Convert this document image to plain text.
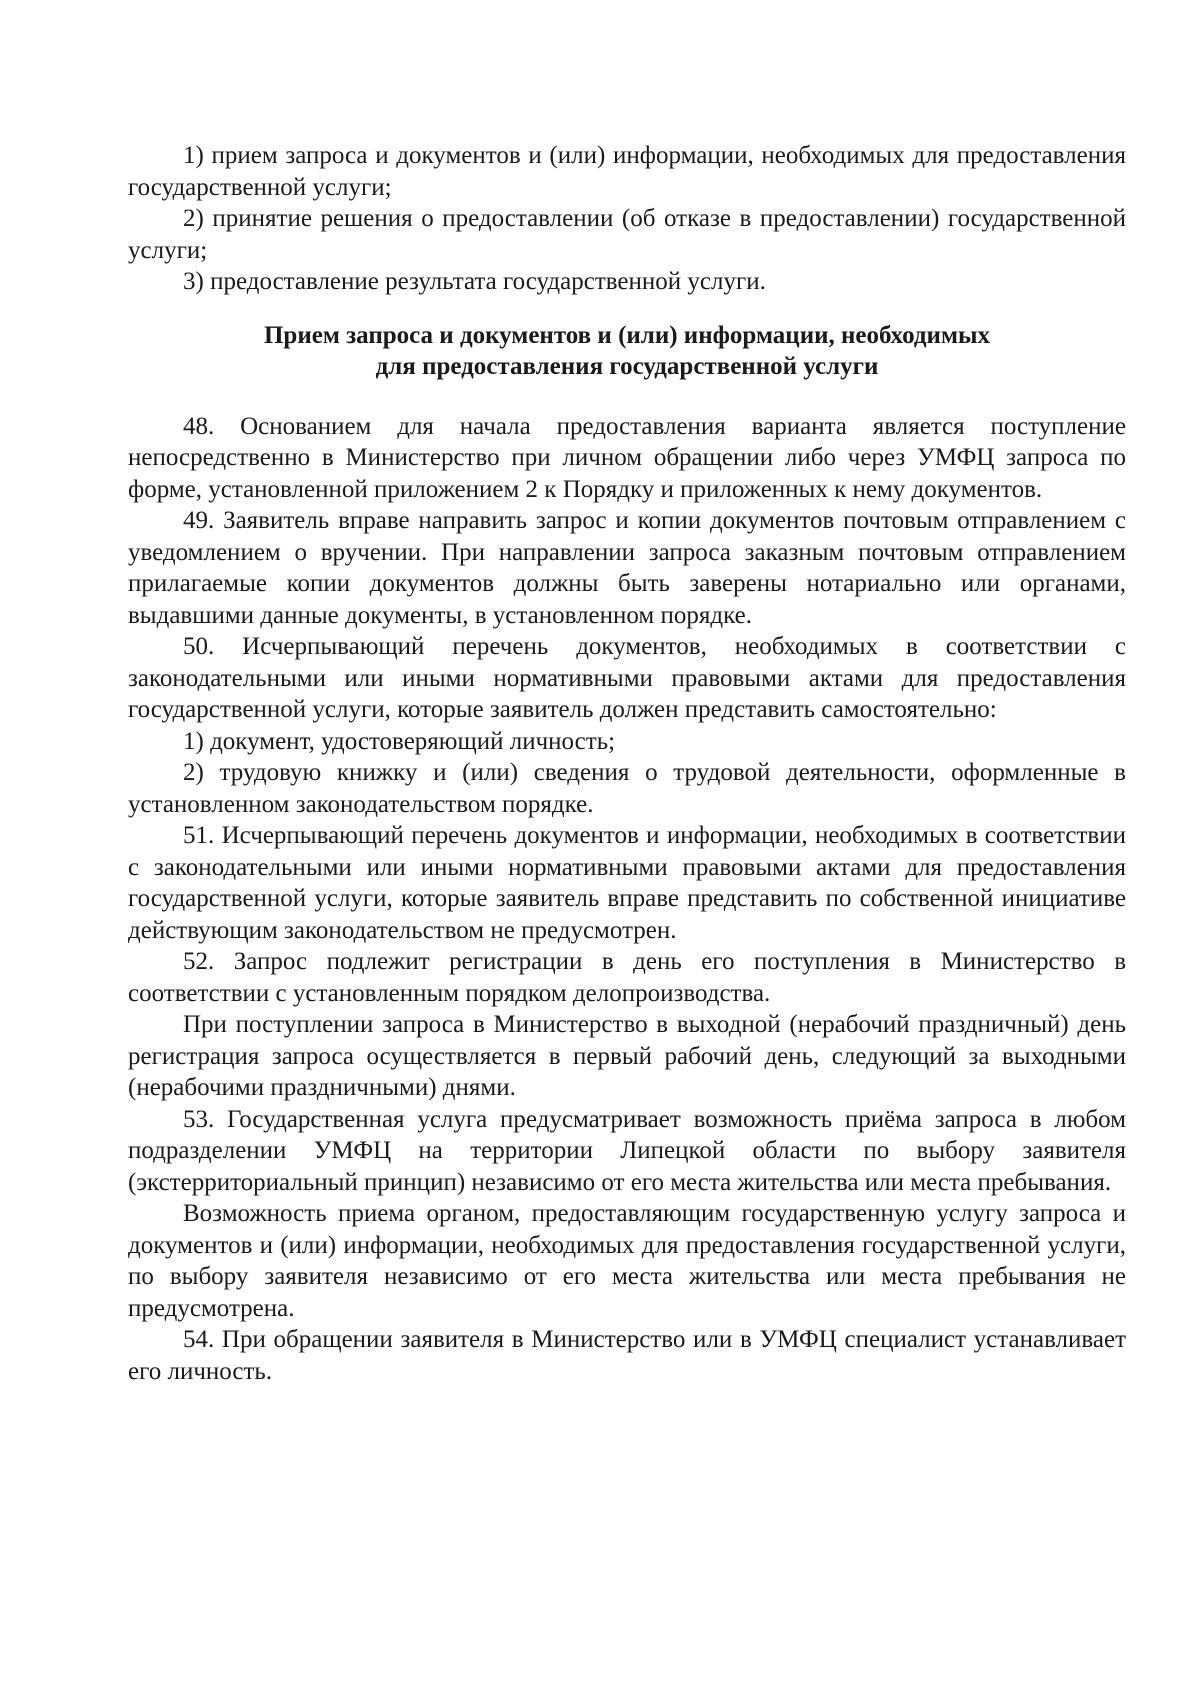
1) прием запроса и документов и (или) информации, необходимых для предоставления государственной услуги;

2) принятие решения о предоставлении (об отказе в предоставлении) государственной услуги;

3) предоставление результата государственной услуги.

Прием запроса и документов и (или) информации, необходимых
для предоставления государственной услуги

48. Основанием для начала предоставления варианта является поступление непосредственно в Министерство при личном обращении либо через УМФЦ запроса по форме, установленной приложением 2 к Порядку и приложенных к нему документов.

49. Заявитель вправе направить запрос и копии документов почтовым отправлением с уведомлением о вручении. При направлении запроса заказным почтовым отправлением прилагаемые копии документов должны быть заверены нотариально или органами, выдавшими данные документы, в установленном порядке.

50. Исчерпывающий перечень документов, необходимых в соответствии с законодательными или иными нормативными правовыми актами для предоставления государственной услуги, которые заявитель должен представить самостоятельно:

1) документ, удостоверяющий личность;

2) трудовую книжку и (или) сведения о трудовой деятельности, оформленные в установленном законодательством порядке.

51. Исчерпывающий перечень документов и информации, необходимых в соответствии с законодательными или иными нормативными правовыми актами для предоставления государственной услуги, которые заявитель вправе представить по собственной инициативе действующим законодательством не предусмотрен.

52. Запрос подлежит регистрации в день его поступления в Министерство в соответствии с установленным порядком делопроизводства.

При поступлении запроса в Министерство в выходной (нерабочий праздничный) день регистрация запроса осуществляется в первый рабочий день, следующий за выходными (нерабочими праздничными) днями.

53. Государственная услуга предусматривает возможность приёма запроса в любом подразделении УМФЦ на территории Липецкой области по выбору заявителя (экстерриториальный принцип) независимо от его места жительства или места пребывания.

Возможность приема органом, предоставляющим государственную услугу запроса и документов и (или) информации, необходимых для предоставления государственной услуги, по выбору заявителя независимо от его места жительства или места пребывания не предусмотрена.

54. При обращении заявителя в Министерство или в УМФЦ специалист устанавливает его личность.
